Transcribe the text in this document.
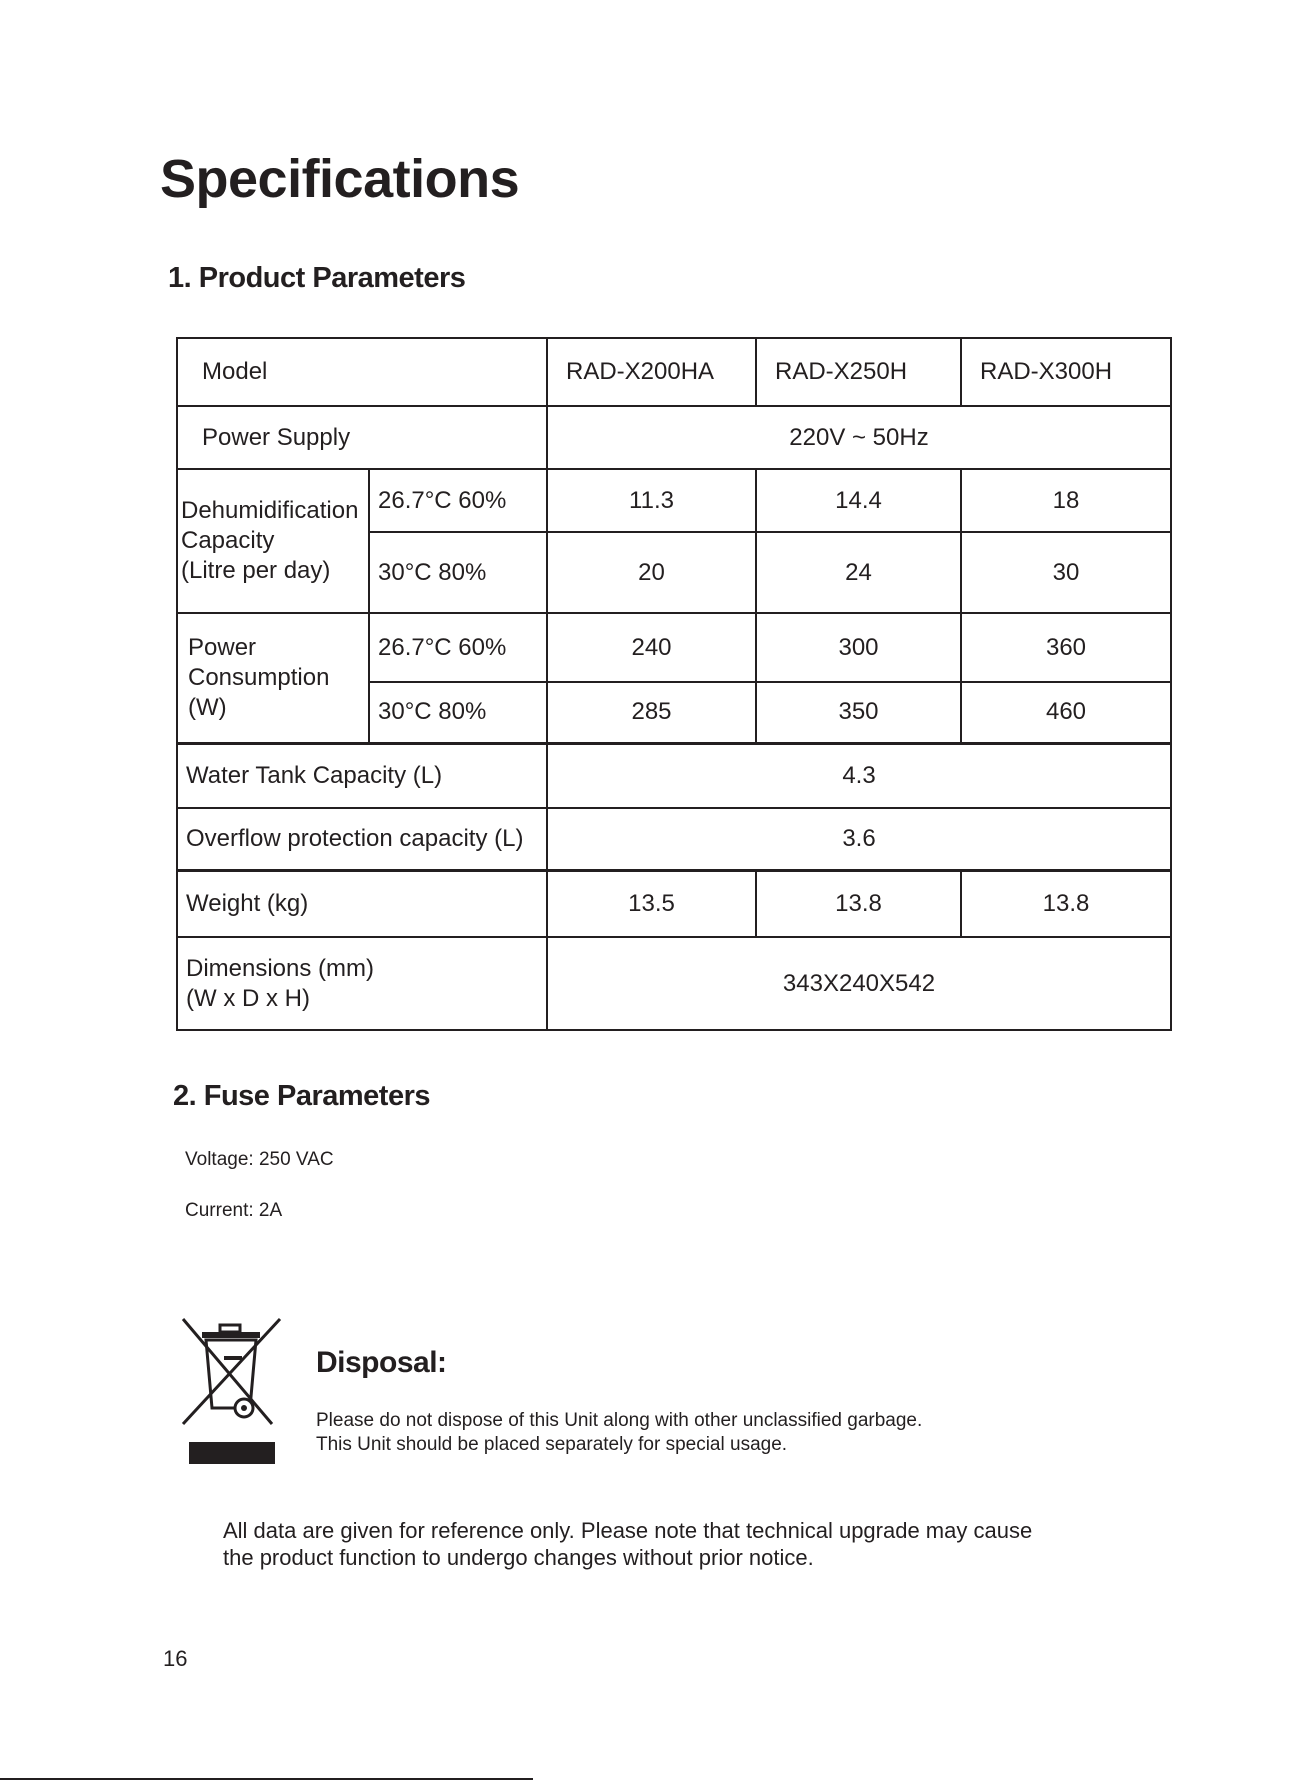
Specifications
1. Product Parameters
Model		RAD-X200HA	RAD-X250H	RAD-X300H
Power Supply		220V ~ 50Hz		

Dehumidification
Capacity
(Litre per day)	26.7°C 60%	11.3	14.4	18
	30°C 80%	20	24	30

Power
Consumption
(W)	26.7°C 60%	240	300	360
	30°C 80%	285	350	460
Water Tank Capacity (L)		4.3		
Overflow protection capacity (L)		3.6		
Weight (kg)		13.5	13.8	13.8

Dimensions (mm)
(W x D x H)		343X240X542		
2. Fuse Parameters

Voltage: 250 VAC

Current: 2A

Disposal:

Please do not dispose of this Unit along with other unclassified garbage.

This Unit should be placed separately for special usage.

All data are given for reference only. Please note that technical upgrade may cause

the product function to undergo changes without prior notice.

16
